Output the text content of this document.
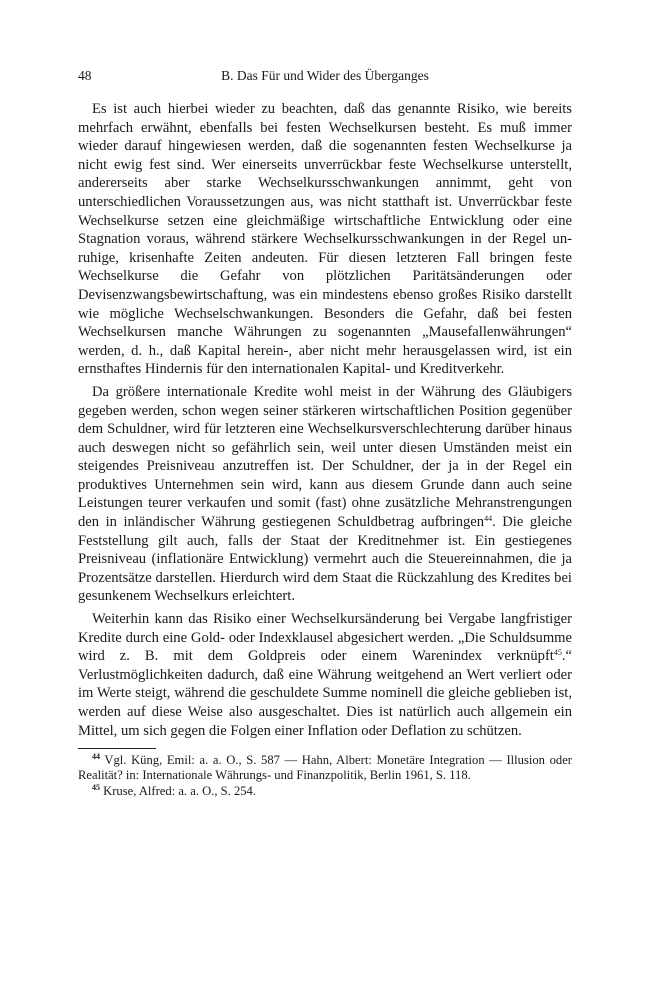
48	B. Das Für und Wider des Überganges

Es ist auch hierbei wieder zu beachten, daß das genannte Risiko, wie bereits mehrfach erwähnt, ebenfalls bei festen Wechselkursen besteht. Es muß immer wieder darauf hingewiesen werden, daß die sogenannten festen Wechselkurse ja nicht ewig fest sind. Wer einerseits unverrückbar feste Wechselkurse unterstellt, andererseits aber starke Wechselkursschwankungen annimmt, geht von unterschiedlichen Voraussetzungen aus, was nicht statthaft ist. Unverrückbar feste Wechselkurse setzen eine gleichmäßige wirtschaftliche Entwicklung oder eine Stagnation voraus, während stärkere Wechselkursschwankungen in der Regel unruhige, krisenhafte Zeiten andeuten. Für diesen letzteren Fall bringen feste Wechselkurse die Gefahr von plötzlichen Paritätsänderungen oder Devisenzwangsbewirtschaftung, was ein mindestens ebenso großes Risiko darstellt wie mögliche Wechselschwankungen. Besonders die Gefahr, daß bei festen Wechselkursen manche Währungen zu sogenannten „Mausefallenwährungen“ werden, d. h., daß Kapital herein-, aber nicht mehr herausgelassen wird, ist ein ernsthaftes Hindernis für den internationalen Kapital- und Kreditverkehr.

Da größere internationale Kredite wohl meist in der Währung des Gläubigers gegeben werden, schon wegen seiner stärkeren wirtschaftlichen Position gegenüber dem Schuldner, wird für letzteren eine Wechselkursverschlechterung darüber hinaus auch deswegen nicht so gefährlich sein, weil unter diesen Umständen meist ein steigendes Preisniveau anzutreffen ist. Der Schuldner, der ja in der Regel ein produktives Unternehmen sein wird, kann aus diesem Grunde dann auch seine Leistungen teurer verkaufen und somit (fast) ohne zusätzliche Mehranstrengungen den in inländischer Währung gestiegenen Schuldbetrag aufbringen$^{44}$. Die gleiche Feststellung gilt auch, falls der Staat der Kreditnehmer ist. Ein gestiegenes Preisniveau (inflationäre Entwicklung) vermehrt auch die Steuereinnahmen, die ja Prozentsätze darstellen. Hierdurch wird dem Staat die Rückzahlung des Kredites bei gesunkenem Wechselkurs erleichtert.

Weiterhin kann das Risiko einer Wechselkursänderung bei Vergabe langfristiger Kredite durch eine Gold- oder Indexklausel abgesichert werden. „Die Schuldsumme wird z. B. mit dem Goldpreis oder einem Warenindex verknüpft$^{45}$.“ Verlustmöglichkeiten dadurch, daß eine Währung weitgehend an Wert verliert oder im Werte steigt, während die geschuldete Summe nominell die gleiche geblieben ist, werden auf diese Weise also ausgeschaltet. Dies ist natürlich auch allgemein ein Mittel, um sich gegen die Folgen einer Inflation oder Deflation zu schützen.

$^{44}$ Vgl. Küng, Emil: a. a. O., S. 587 — Hahn, Albert: Monetäre Integration — Illusion oder Realität? in: Internationale Währungs- und Finanzpolitik, Berlin 1961, S. 118.

$^{45}$ Kruse, Alfred: a. a. O., S. 254.
